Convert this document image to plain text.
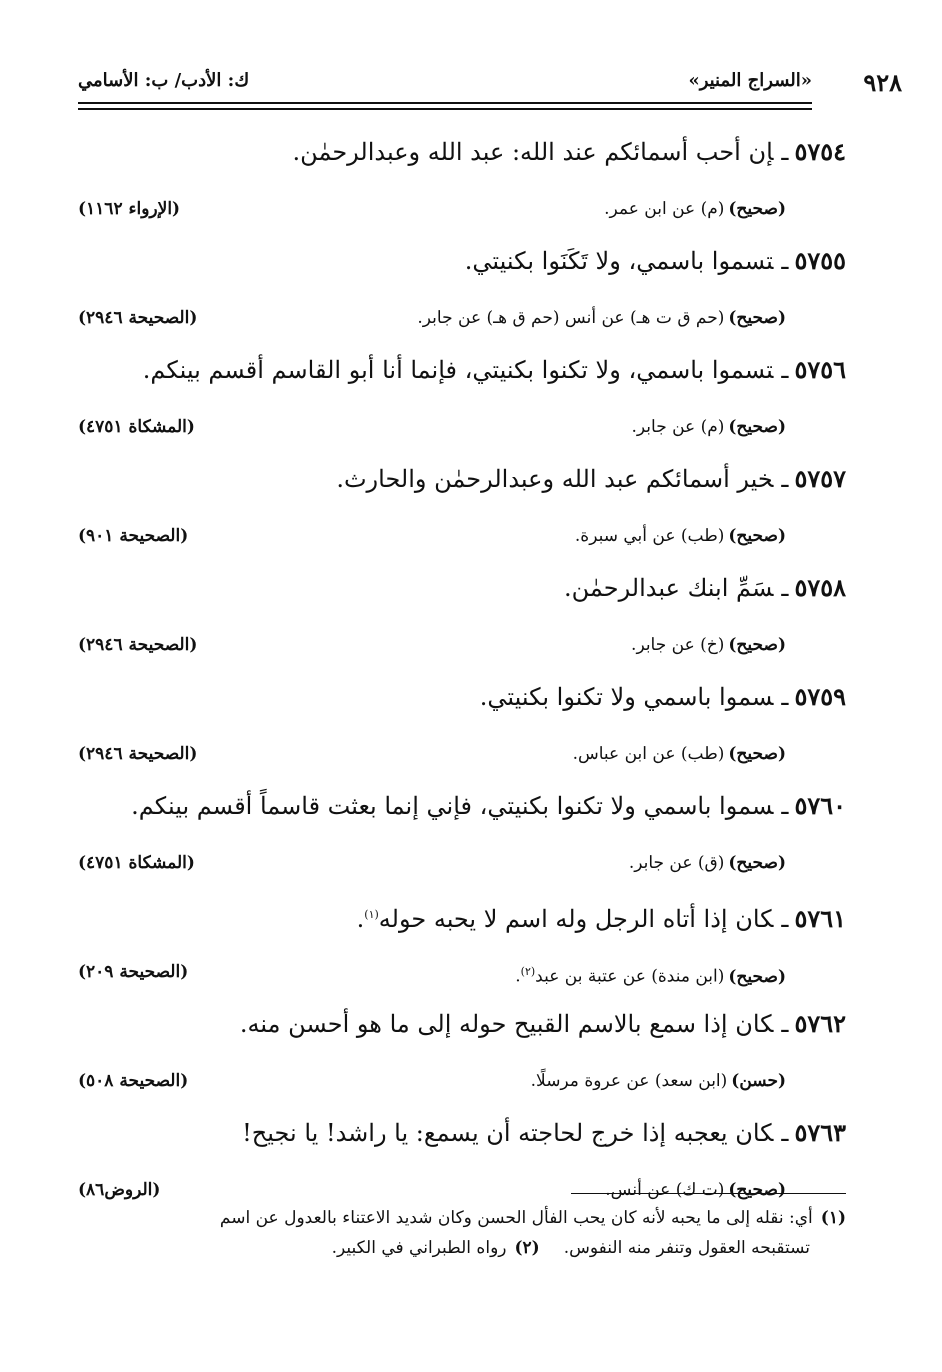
٩٢٨
«السراج المنير»
ك: الأدب/ ب: الأسامي
٥٧٥٤ـإن أحب أسمائكم عند الله: عبد الله وعبدالرحمٰن.
(صحيح)(م) عن ابن عمر.
(الإرواء ١١٦٢)
٥٧٥٥ـتسموا باسمي، ولا تَكَنَوا بكنيتي.
(صحيح)(حم ق ت هـ) عن أنس (حم ق هـ) عن جابر.
(الصحيحة ٢٩٤٦)
٥٧٥٦ـتسموا باسمي، ولا تكنوا بكنيتي، فإنما أنا أبو القاسم أقسم بينكم.
(صحيح)(م) عن جابر.
(المشكاة ٤٧٥١)
٥٧٥٧ـخير أسمائكم عبد الله وعبدالرحمٰن والحارث.
(صحيح)(طب) عن أبي سبرة.
(الصحيحة ٩٠١)
٥٧٥٨ـسَمِّ ابنك عبدالرحمٰن.
(صحيح)(خ) عن جابر.
(الصحيحة ٢٩٤٦)
٥٧٥٩ـسموا باسمي ولا تكنوا بكنيتي.
(صحيح)(طب) عن ابن عباس.
(الصحيحة ٢٩٤٦)
٥٧٦٠ـسموا باسمي ولا تكنوا بكنيتي، فإني إنما بعثت قاسماً أقسم بينكم.
(صحيح)(ق) عن جابر.
(المشكاة ٤٧٥١)
٥٧٦١ـكان إذا أتاه الرجل وله اسم لا يحبه حوله$^{(١)}$.
(صحيح)(ابن مندة) عن عتبة بن عبد$^{(٢)}$.
(الصحيحة ٢٠٩)
٥٧٦٢ـكان إذا سمع بالاسم القبيح حوله إلى ما هو أحسن منه.
(حسن)(ابن سعد) عن عروة مرسلًا.
(الصحيحة ٥٠٨)
٥٧٦٣ـكان يعجبه إذا خرج لحاجته أن يسمع: يا راشد! يا نجيح!
(صحيح)(ت ك) عن أنس.
(الروض٨٦)
(١)أي: نقله إلى ما يحبه لأنه كان يحب الفأل الحسن وكان شديد الاعتناء بالعدول عن اسم
تستقبحه العقول وتنفر منه النفوس.(٢)رواه الطبراني في الكبير.
